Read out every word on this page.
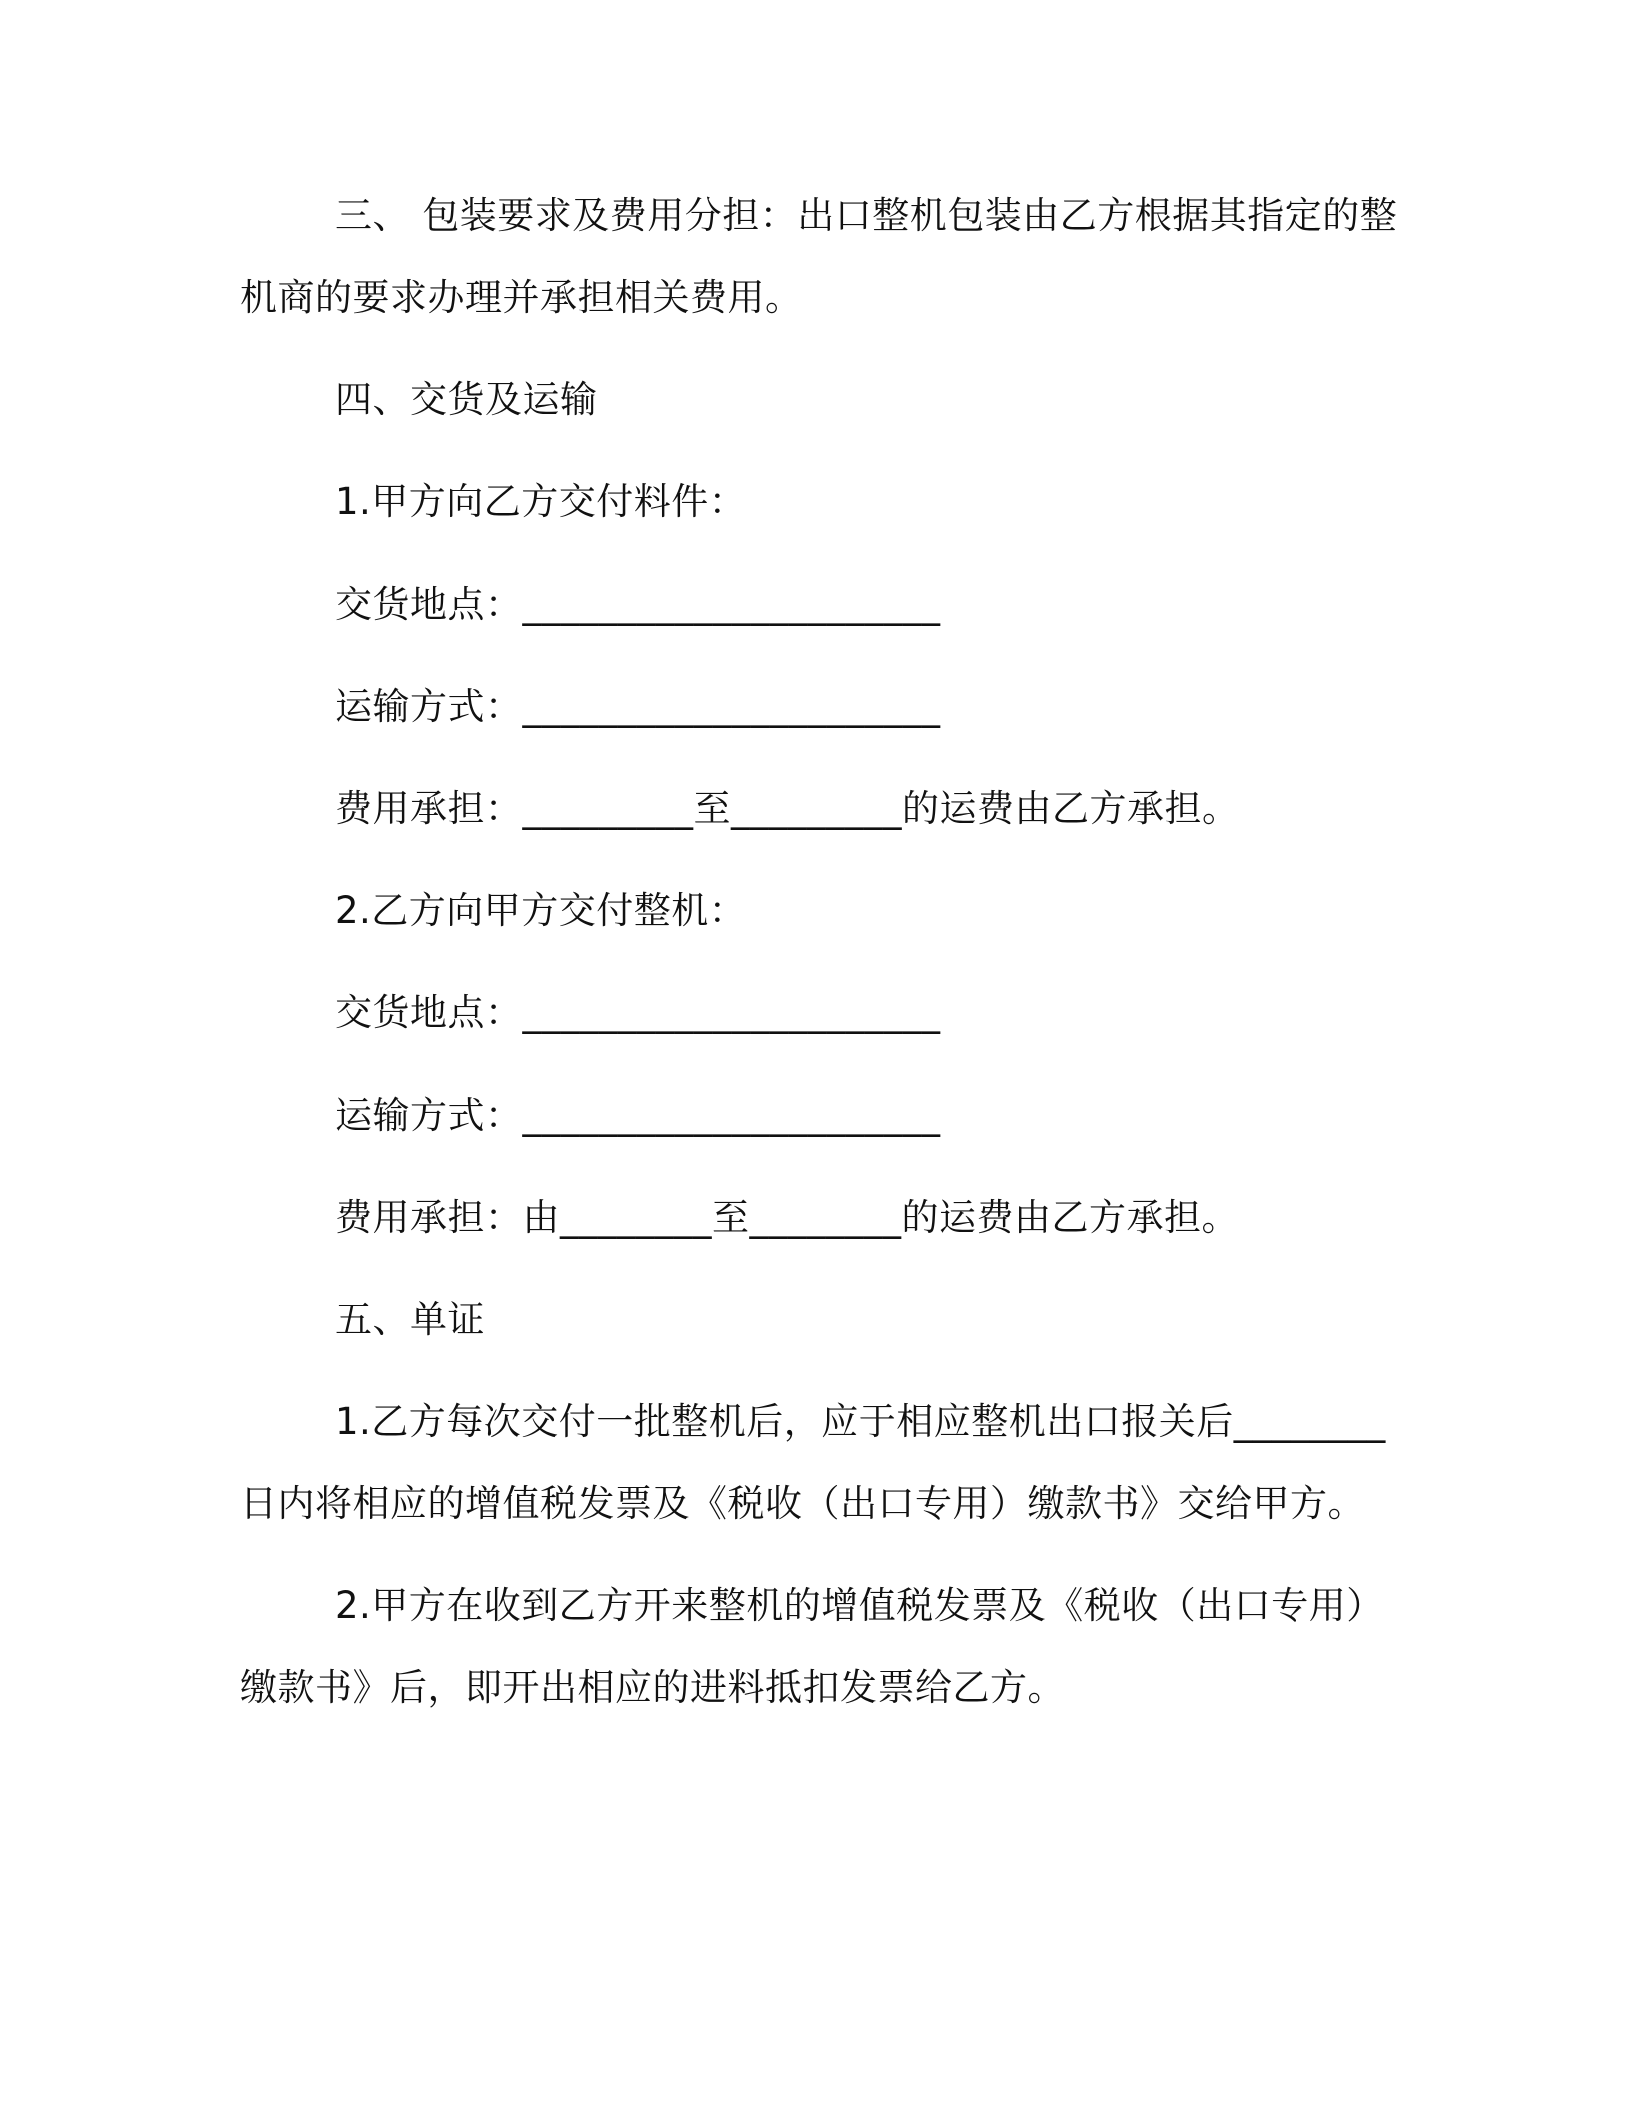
三、 包装要求及费用分担：出口整机包装由乙方根据其指定的整
机商的要求办理并承担相关费用。
四、交货及运输
1.甲方向乙方交付料件：
交货地点：______________________
运输方式：______________________
费用承担：_________至_________的运费由乙方承担。
2.乙方向甲方交付整机：
交货地点：______________________
运输方式：______________________
费用承担：由________至________的运费由乙方承担。
五、单证
1.乙方每次交付一批整机后，应于相应整机出口报关后________
日内将相应的增值税发票及《税收（出口专用）缴款书》交给甲方。
2.甲方在收到乙方开来整机的增值税发票及《税收（出口专用）
缴款书》后，即开出相应的进料抵扣发票给乙方。
